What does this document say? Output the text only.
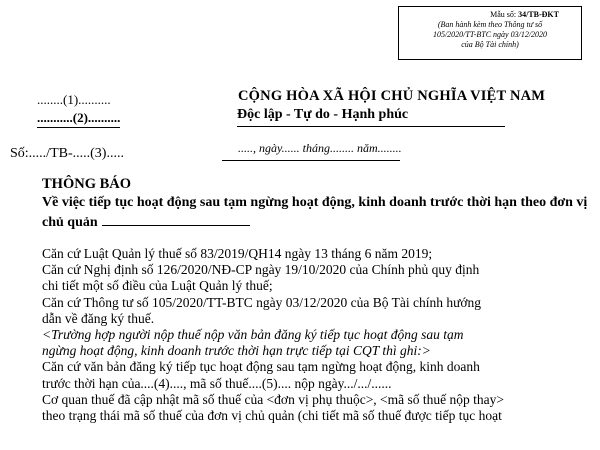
Mẫu số: 34/TB-ĐKT
(Ban hành kèm theo Thông tư số
105/2020/TT-BTC ngày 03/12/2020
của Bộ Tài chính)
........(1)..........
...........(2)..........
Số:...../TB-.....(3).....
CỘNG HÒA XÃ HỘI CHỦ NGHĨA VIỆT NAM
Độc lập - Tự do - Hạnh phúc
....., ngày...... tháng........ năm........
THÔNG BÁO
Về việc tiếp tục hoạt động sau tạm ngừng hoạt động, kinh doanh trước thời hạn theo đơn vị chủ quản

Căn cứ Luật Quản lý thuế số 83/2019/QH14 ngày 13 tháng 6 năm 2019;

Căn cứ Nghị định số 126/2020/NĐ-CP ngày 19/10/2020 của Chính phủ quy định

chi tiết một số điều của Luật Quản lý thuế;

Căn cứ Thông tư số 105/2020/TT-BTC ngày 03/12/2020 của Bộ Tài chính hướng

dẫn về đăng ký thuế.

<Trường hợp người nộp thuế nộp văn bản đăng ký tiếp tục hoạt động sau tạm

ngừng hoạt động, kinh doanh trước thời hạn trực tiếp tại CQT thì ghi:>

Căn cứ văn bản đăng ký tiếp tục hoạt động sau tạm ngừng hoạt động, kinh doanh

trước thời hạn của....(4)...., mã số thuế....(5).... nộp ngày.../.../......

Cơ quan thuế đã cập nhật mã số thuế của <đơn vị phụ thuộc>, <mã số thuế nộp thay>

theo trạng thái mã số thuế của đơn vị chủ quản (chi tiết mã số thuế được tiếp tục hoạt
